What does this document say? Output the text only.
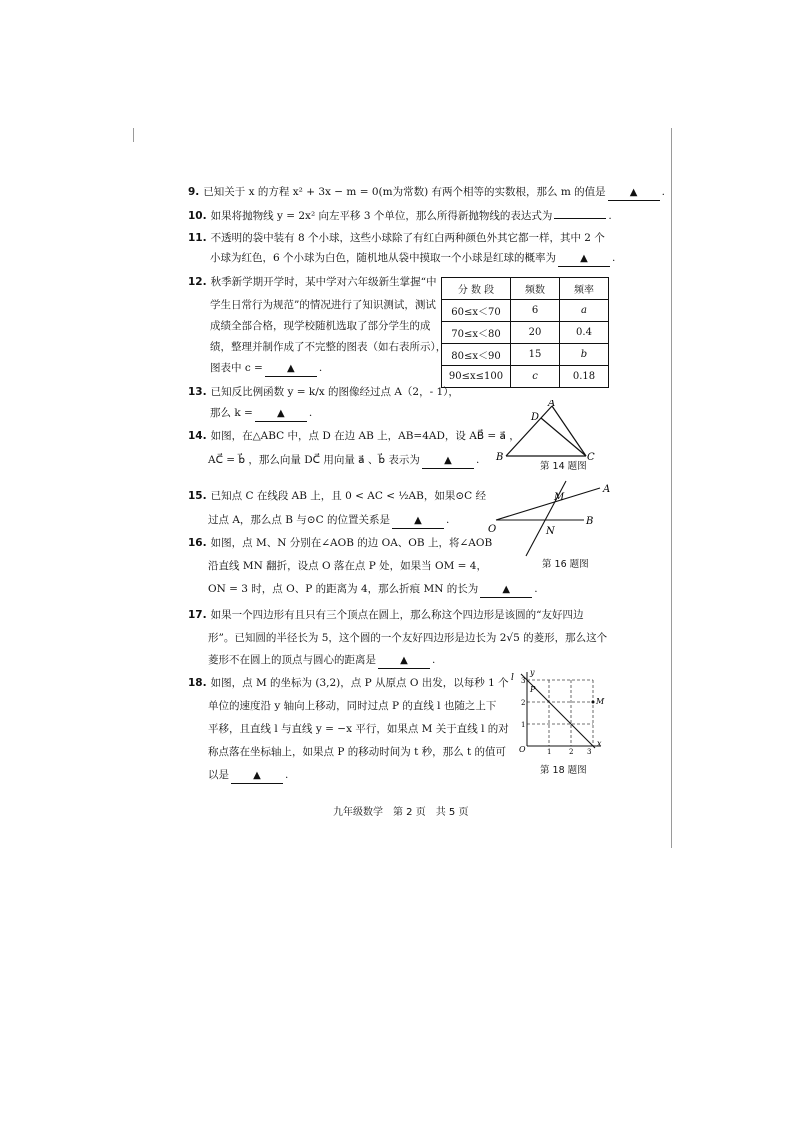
9. 已知关于 x 的方程 x² + 3x − m = 0(m为常数) 有两个相等的实数根，那么 m 的值是 ▲ .
10. 如果将抛物线 y = 2x² 向左平移 3 个单位，那么所得新抛物线的表达式为	.
11. 不透明的袋中装有 8 个小球，这些小球除了有红白两种颜色外其它都一样，其中 2 个
小球为红色，6 个小球为白色，随机地从袋中摸取一个小球是红球的概率为 ▲ .
12. 秋季新学期开学时，某中学对六年级新生掌握“中
学生日常行为规范”的情况进行了知识测试，测试
成绩全部合格，现学校随机选取了部分学生的成
绩，整理并制作成了不完整的图表（如右表所示），
图表中 c = ▲ .
分 数 段	频数	频率
60≤x＜70	6	a
70≤x＜80	20	0.4
80≤x＜90	15	b
90≤x≤100	c	0.18
13. 已知反比例函数 y = k/x 的图像经过点 A（2，- 1），
那么 k = ▲ .
14. 如图，在△ABC 中，点 D 在边 AB 上，AB=4AD，设 AB⃗ = a⃗ ，
AC⃗ = b⃗ ，那么向量 DC⃗ 用向量 a⃗ 、b⃗ 表示为 ▲ .
A
D
B	C
第 14 题图
15. 已知点 C 在线段 AB 上，且 0 < AC < ½AB，如果⊙C 经
过点 A，那么点 B 与⊙C 的位置关系是 ▲ .
O
A
B
M
N
16. 如图，点 M、N 分别在∠AOB 的边 OA、OB 上，将∠AOB
沿直线 MN 翻折，设点 O 落在点 P 处，如果当 OM = 4，
ON = 3 时，点 O、P 的距离为 4，那么折痕 MN 的长为 ▲ .
第 16 题图
17. 如果一个四边形有且只有三个顶点在圆上，那么称这个四边形是该圆的“友好四边
形”。已知圆的半径长为 5，这个圆的一个友好四边形是边长为 2√5 的菱形，那么这个
菱形不在圆上的顶点与圆心的距离是 ▲ .
18. 如图，点 M 的坐标为 (3,2)，点 P 从原点 O 出发，以每秒 1 个
单位的速度沿 y 轴向上移动，同时过点 P 的直线 l 也随之上下
平移，且直线 l 与直线 y = −x 平行，如果点 M 关于直线 l 的对
称点落在坐标轴上，如果点 P 的移动时间为 t 秒，那么 t 的值可
以是 ▲ .
y
x
l
P
M
O	1	2 3
1
2
3
第 18 题图
九年级数学　第 2 页　共 5 页
